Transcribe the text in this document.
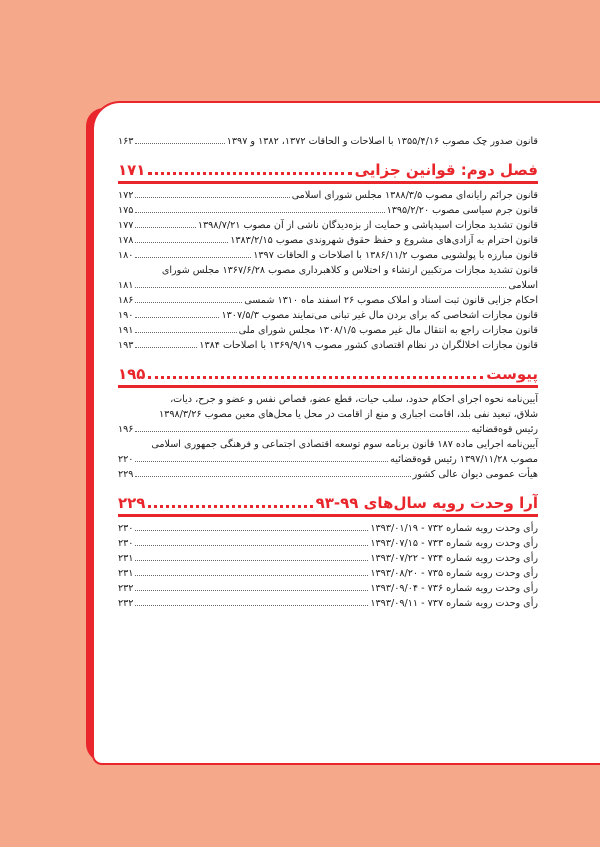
قانون صدور چک مصوب ۱۳۵۵/۴/۱۶ با اصلاحات و الحاقات ۱۳۷۲، ۱۳۸۲ و ۱۳۹۷
۱۶۳
فصل دوم: قوانین جزایی
۱۷۱
قانون جرائم رایانه‌ای مصوب ۱۳۸۸/۳/۵ مجلس شورای اسلامی
۱۷۲
قانون جرم سیاسی مصوب ۱۳۹۵/۲/۲۰
۱۷۵
قانون تشدید مجازات اسیدپاشی و حمایت از بزه‌دیدگان ناشی از آن مصوب ۱۳۹۸/۷/۲۱
۱۷۷
قانون احترام به آزادی‌های مشروع و حفظ حقوق شهروندی مصوب ۱۳۸۳/۲/۱۵
۱۷۸
قانون مبارزه با پولشویی مصوب ۱۳۸۶/۱۱/۲ با اصلاحات و الحاقات ۱۳۹۷
۱۸۰
قانون تشدید مجازات مرتکبین ارتشاء و اختلاس و کلاهبرداری مصوب ۱۳۶۷/۶/۲۸ مجلس شورای
اسلامی
۱۸۱
احکام جزایی قانون ثبت اسناد و املاک مصوب ۲۶ اسفند ماه ۱۳۱۰ شمسی
۱۸۶
قانون مجازات اشخاصی که برای بردن مال غیر تبانی می‌نمایند مصوب ۱۳۰۷/۵/۳
۱۹۰
قانون مجازات راجع به انتقال مال غیر مصوب ۱۳۰۸/۱/۵ مجلس شورای ملی
۱۹۱
قانون مجازات اخلالگران در نظام اقتصادی کشور مصوب ۱۳۶۹/۹/۱۹ با اصلاحات ۱۳۸۴
۱۹۳
پیوست
۱۹۵
آیین‌نامه نحوه اجرای احکام حدود، سلب حیات، قطع عضو، قصاص نفس و عضو و جرح، دیات،
شلاق، تبعید نفی بلد، اقامت اجباری و منع از اقامت در محل یا محل‌های معین مصوب ۱۳۹۸/۳/۲۶
رئیس قوه‌قضائیه
۱۹۶
آیین‌نامه اجرایی ماده ۱۸۷ قانون برنامه سوم توسعه اقتصادی اجتماعی و فرهنگی جمهوری اسلامی
مصوب ۱۳۹۷/۱۱/۲۸ رئیس قوه‌قضائیه
۲۲۰
هیأت عمومی دیوان عالی کشور
۲۲۹
آرا وحدت رویه سال‌های ۹۹-۹۳
۲۲۹
رأی وحدت رویه شماره ۷۳۲ - ۱۳۹۳/۰۱/۱۹
۲۳۰
رأی وحدت رویه شماره ۷۳۳ - ۱۳۹۳/۰۷/۱۵
۲۳۰
رأی وحدت رویه شماره ۷۳۴ - ۱۳۹۳/۰۷/۲۲
۲۳۱
رأی وحدت رویه شماره ۷۳۵ - ۱۳۹۳/۰۸/۲۰
۲۳۱
رأی وحدت رویه شماره ۷۳۶ - ۱۳۹۳/۰۹/۰۴
۲۳۲
رأی وحدت رویه شماره ۷۳۷ - ۱۳۹۳/۰۹/۱۱
۲۳۲
